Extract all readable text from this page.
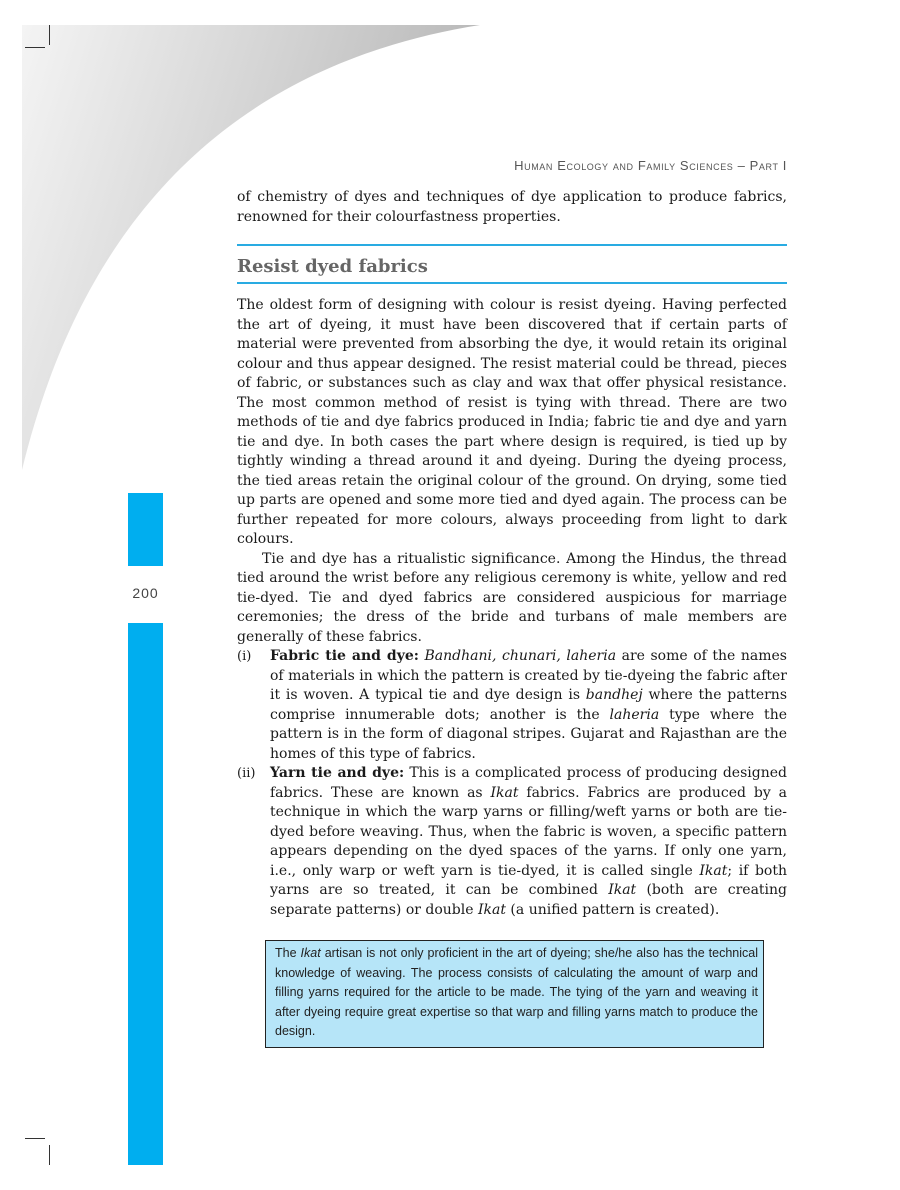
Human Ecology and Family Sciences – Part I
200

of chemistry of dyes and techniques of dye application to produce fabrics, renowned for their colourfastness properties.

Resist dyed fabrics

The oldest form of designing with colour is resist dyeing. Having perfected the art of dyeing, it must have been discovered that if certain parts of material were prevented from absorbing the dye, it would retain its original colour and thus appear designed. The resist material could be thread, pieces of fabric, or substances such as clay and wax that offer physical resistance. The most common method of resist is tying with thread. There are two methods of tie and dye fabrics produced in India; fabric tie and dye and yarn tie and dye. In both cases the part where design is required, is tied up by tightly winding a thread around it and dyeing. During the dyeing process, the tied areas retain the original colour of the ground. On drying, some tied up parts are opened and some more tied and dyed again. The process can be further repeated for more colours, always proceeding from light to dark colours.

Tie and dye has a ritualistic significance. Among the Hindus, the thread tied around the wrist before any religious ceremony is white, yellow and red tie-dyed. Tie and dyed fabrics are considered auspicious for marriage ceremonies; the dress of the bride and turbans of male members are generally of these fabrics.

(i)	Fabric tie and dye: Bandhani, chunari, laheria are some of the names of materials in which the pattern is created by tie-dyeing the fabric after it is woven. A typical tie and dye design is bandhej where the patterns comprise innumerable dots; another is the laheria type where the pattern is in the form of diagonal stripes. Gujarat and Rajasthan are the homes of this type of fabrics.
(ii)	Yarn tie and dye: This is a complicated process of producing designed fabrics. These are known as Ikat fabrics. Fabrics are produced by a technique in which the warp yarns or filling/weft yarns or both are tie-dyed before weaving. Thus, when the fabric is woven, a specific pattern appears depending on the dyed spaces of the yarns. If only one yarn, i.e., only warp or weft yarn is tie-dyed, it is called single Ikat; if both yarns are so treated, it can be combined Ikat (both are creating separate patterns) or double Ikat (a unified pattern is created).
The Ikat artisan is not only proficient in the art of dyeing; she/he also has the technical knowledge of weaving. The process consists of calculating the amount of warp and filling yarns required for the article to be made. The tying of the yarn and weaving it after dyeing require great expertise so that warp and filling yarns match to produce the design.
